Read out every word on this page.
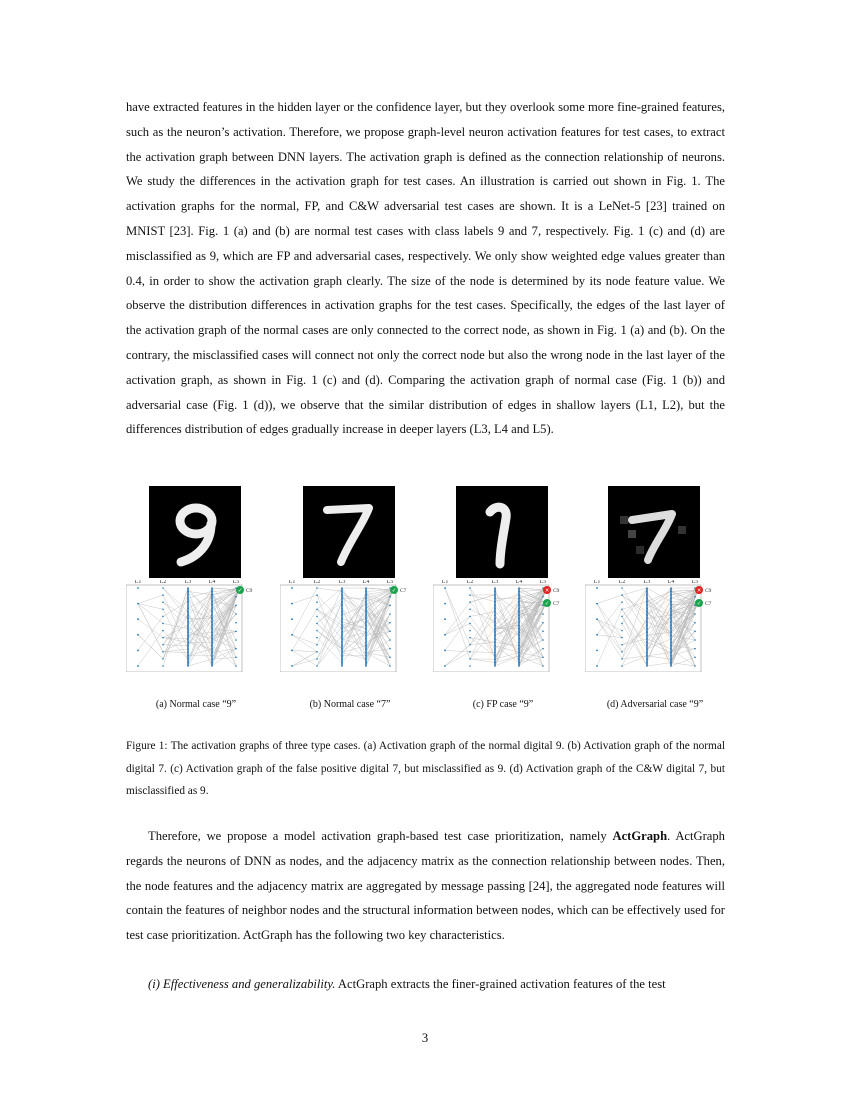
have extracted features in the hidden layer or the confidence layer, but they overlook some more fine-grained features, such as the neuron’s activation. Therefore, we propose graph-level neuron activation features for test cases, to extract the activation graph between DNN layers. The activation graph is defined as the connection relationship of neurons. We study the differences in the activation graph for test cases. An illustration is carried out shown in Fig. 1. The activation graphs for the normal, FP, and C&W adversarial test cases are shown. It is a LeNet-5 [23] trained on MNIST [23]. Fig. 1 (a) and (b) are normal test cases with class labels 9 and 7, respectively. Fig. 1 (c) and (d) are misclassified as 9, which are FP and adversarial cases, respectively. We only show weighted edge values greater than 0.4, in order to show the activation graph clearly. The size of the node is determined by its node feature value. We observe the distribution differences in activation graphs for the test cases. Specifically, the edges of the last layer of the activation graph of the normal cases are only connected to the correct node, as shown in Fig. 1 (a) and (b). On the contrary, the misclassified cases will connect not only the correct node but also the wrong node in the last layer of the activation graph, as shown in Fig. 1 (c) and (d). Comparing the activation graph of normal case (Fig. 1 (b)) and adversarial case (Fig. 1 (d)), we observe that the similar distribution of edges in shallow layers (L1, L2), but the differences distribution of edges gradually increase in deeper layers (L3, L4 and L5).

L1	L2	L3	L4	L5
✓ C9
(a) Normal case “9”
L1	L2	L3	L4	L5
✓ C7
(b) Normal case “7”
L1	L2	L3	L4	L5
✕ C9
✓ C7
(c) FP case “9”
L1	L2	L3	L4	L5
✕ C9
✓ C7
(d) Adversarial case “9”

Figure 1: The activation graphs of three type cases. (a) Activation graph of the normal digital 9. (b) Activation graph of the normal digital 7. (c) Activation graph of the false positive digital 7, but misclassified as 9. (d) Activation graph of the C&W digital 7, but misclassified as 9.

Therefore, we propose a model activation graph-based test case prioritization, namely ActGraph. ActGraph regards the neurons of DNN as nodes, and the adjacency matrix as the connection relationship between nodes. Then, the node features and the adjacency matrix are aggregated by message passing [24], the aggregated node features will contain the features of neighbor nodes and the structural information between nodes, which can be effectively used for test case prioritization. ActGraph has the following two key characteristics.

(i) Effectiveness and generalizability. ActGraph extracts the finer-grained activation features of the test

3
